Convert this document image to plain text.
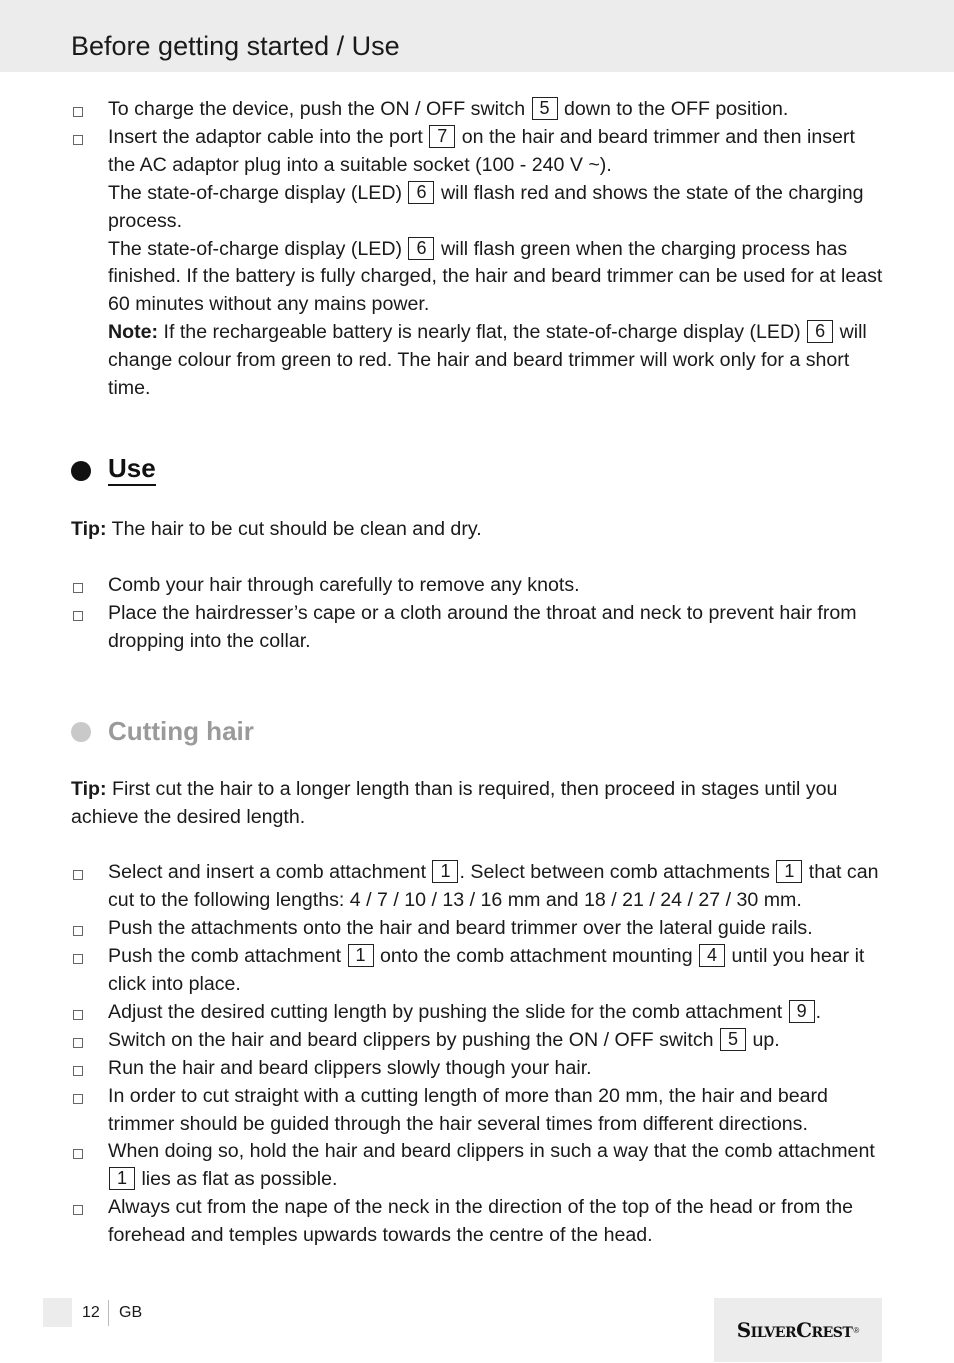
Before getting started / Use
To charge the device, push the ON / OFF switch 5 down to the OFF position.
Insert the adaptor cable into the port 7 on the hair and beard trimmer and then insert the AC adaptor plug into a suitable socket (100 - 240 V ~).
The state-of-charge display (LED) 6 will flash red and shows the state of the charging process.
The state-of-charge display (LED) 6 will flash green when the charging process has finished. If the battery is fully charged, the hair and beard trimmer can be used for at least 60 minutes without any mains power.
Note: If the rechargeable battery is nearly flat, the state-of-charge display (LED) 6 will change colour from green to red. The hair and beard trimmer will work only for a short time.
Use

Tip: The hair to be cut should be clean and dry.

Comb your hair through carefully to remove any knots.
Place the hairdresser’s cape or a cloth around the throat and neck to prevent hair from dropping into the collar.
Cutting hair

Tip: First cut the hair to a longer length than is required, then proceed in stages until you achieve the desired length.

Select and insert a comb attachment 1 . Select between comb attachments 1 that can cut to the following lengths: 4 / 7 / 10 / 13 / 16 mm and 18 / 21 / 24 / 27 / 30 mm.
Push the attachments onto the hair and beard trimmer over the lateral guide rails.
Push the comb attachment 1 onto the comb attachment mounting 4 until you hear it click into place.
Adjust the desired cutting length by pushing the slide for the comb attachment 9 .
Switch on the hair and beard clippers by pushing the ON / OFF switch 5 up.
Run the hair and beard clippers slowly though your hair.
In order to cut straight with a cutting length of more than 20 mm, the hair and beard trimmer should be guided through the hair several times from different directions.
When doing so, hold the hair and beard clippers in such a way that the comb attachment 1 lies as flat as possible.
Always cut from the nape of the neck in the direction of the top of the head or from the forehead and temples upwards towards the centre of the head.
12 GB
SilverCrest ®
